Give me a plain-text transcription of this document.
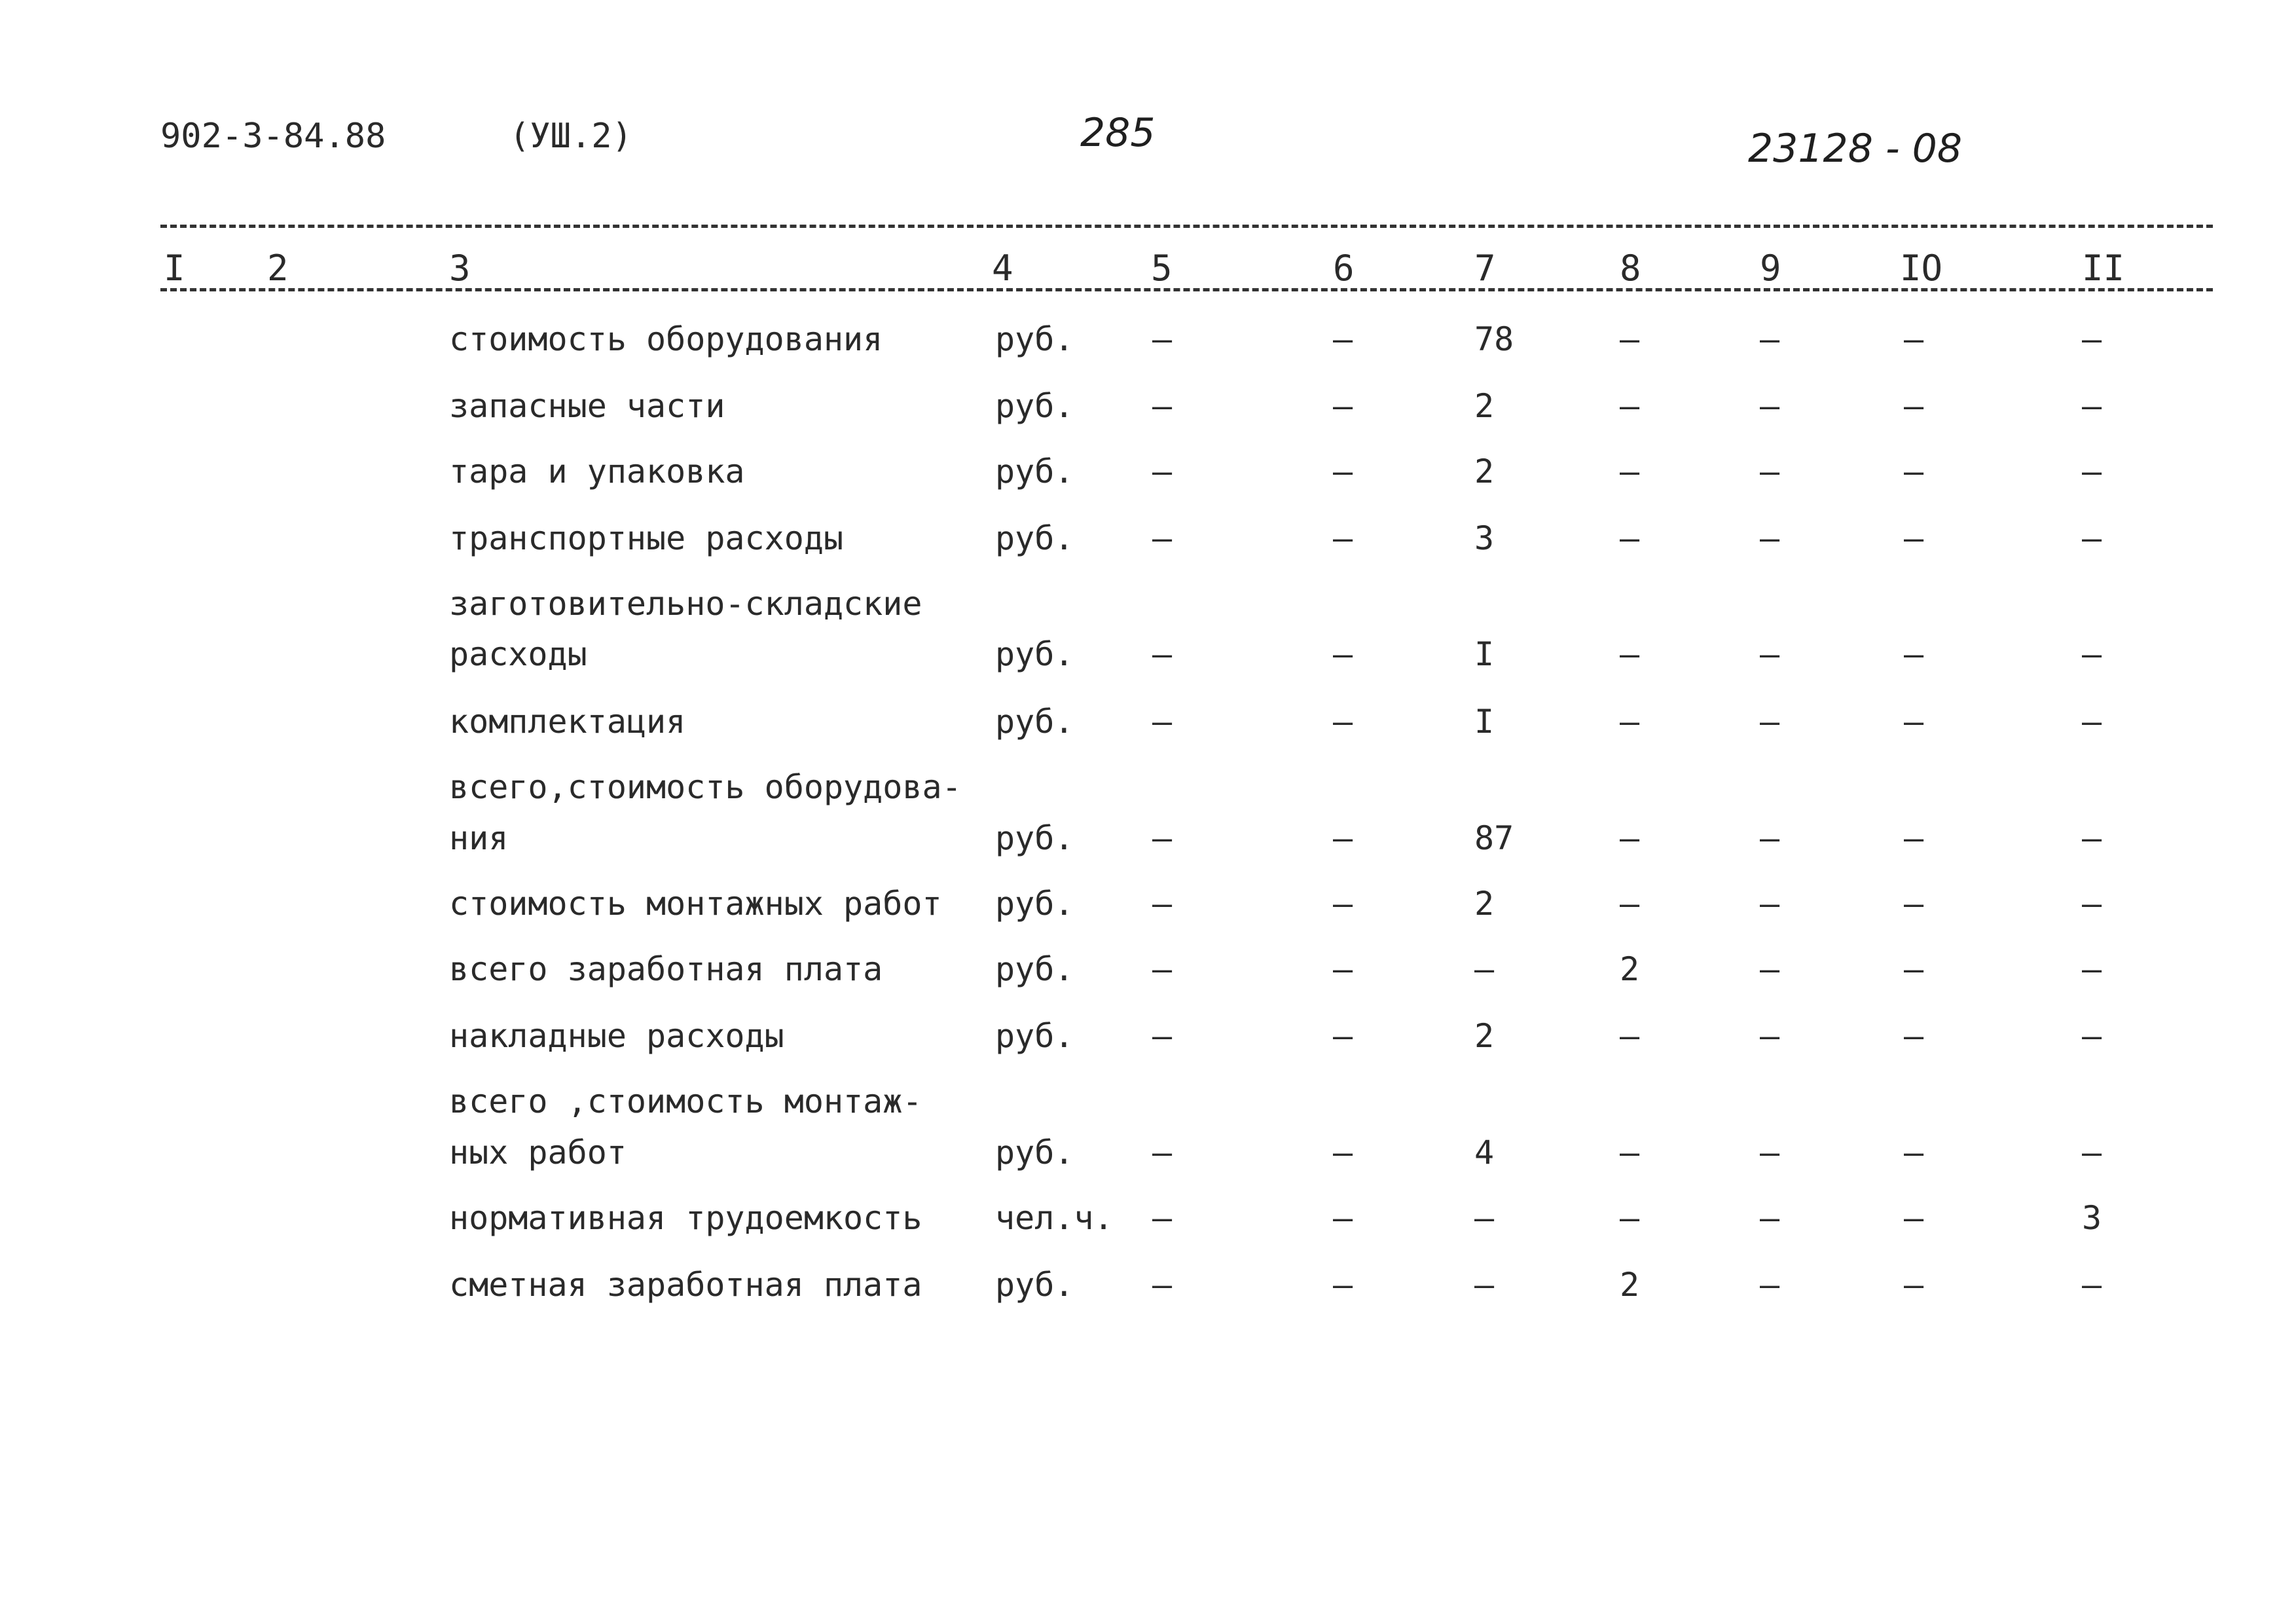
902-3-84.88	(УШ.2)	285	23128 - 08
I 2	3	4	5	6	7	8	9	IO	II
стоимость оборудования	руб. –	–	78	–	–	–	–
запасные части	руб. –	–	2	–	–	–	–
тара и упаковка	руб. –	–	2	–	–	–	–
транспортные расходы	руб. –	–	3	–	–	–	–
заготовительно-складские
расходы	руб. –	–	I	–	–	–	–
комплектация	руб. –	–	I	–	–	–	–
всего,стоимость оборудова-
ния	руб. –	–	87	–	–	–	–
стоимость монтажных работ руб. –	–	2	–	–	–	–
всего заработная плата	руб. –	–	–	2	–	–	–
накладные расходы	руб. –	–	2	–	–	–	–
всего ,стоимость монтаж-
ных работ	руб. –	–	4	–	–	–	–
нормативная трудоемкость чел.ч. –	–	–	–	–	–	3
сметная заработная плата руб. –	–	–	2	–	–	–
